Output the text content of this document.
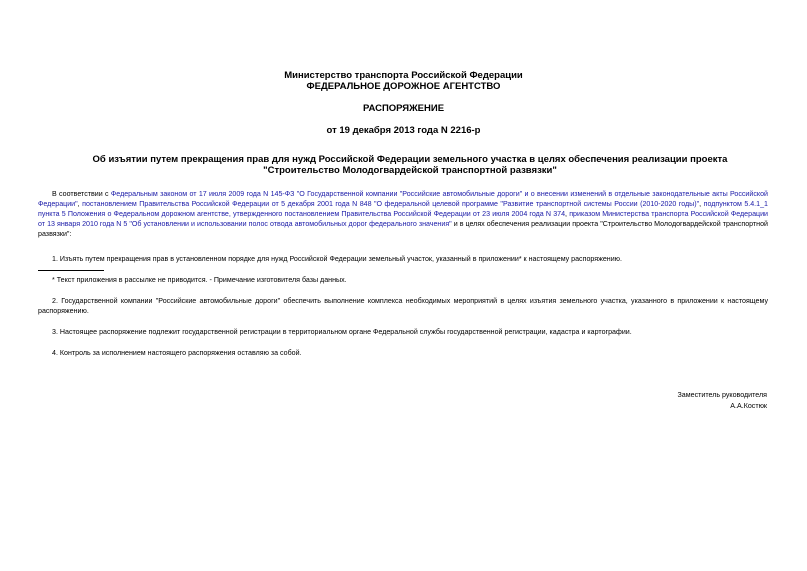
Министерство транспорта Российской Федерации
ФЕДЕРАЛЬНОЕ ДОРОЖНОЕ АГЕНТСТВО
РАСПОРЯЖЕНИЕ
от 19 декабря 2013 года N 2216-р
Об изъятии путем прекращения прав для нужд Российской Федерации земельного участка в целях обеспечения реализации проекта "Строительство Молодогвардейской транспортной развязки"
В соответствии с Федеральным законом от 17 июля 2009 года N 145-ФЗ "О Государственной компании "Российские автомобильные дороги" и о внесении изменений в отдельные законодательные акты Российской Федерации", постановлением Правительства Российской Федерации от 5 декабря 2001 года N 848 "О федеральной целевой программе "Развитие транспортной системы России (2010-2020 годы)", подпунктом 5.4.1_1 пункта 5 Положения о Федеральном дорожном агентстве, утвержденного постановлением Правительства Российской Федерации от 23 июля 2004 года N 374, приказом Министерства транспорта Российской Федерации от 13 января 2010 года N 5 "Об установлении и использовании полос отвода автомобильных дорог федерального значения" и в целях обеспечения реализации проекта "Строительство Молодогвардейской транспортной развязки":
1. Изъять путем прекращения прав в установленном порядке для нужд Российской Федерации земельный участок, указанный в приложении* к настоящему распоряжению.
* Текст приложения в рассылке не приводится. - Примечание изготовителя базы данных.
2. Государственной компании "Российские автомобильные дороги" обеспечить выполнение комплекса необходимых мероприятий в целях изъятия земельного участка, указанного в приложении к настоящему распоряжению.
3. Настоящее распоряжение подлежит государственной регистрации в территориальном органе Федеральной службы государственной регистрации, кадастра и картографии.
4. Контроль за исполнением настоящего распоряжения оставляю за собой.
Заместитель руководителя
А.А.Костюк
